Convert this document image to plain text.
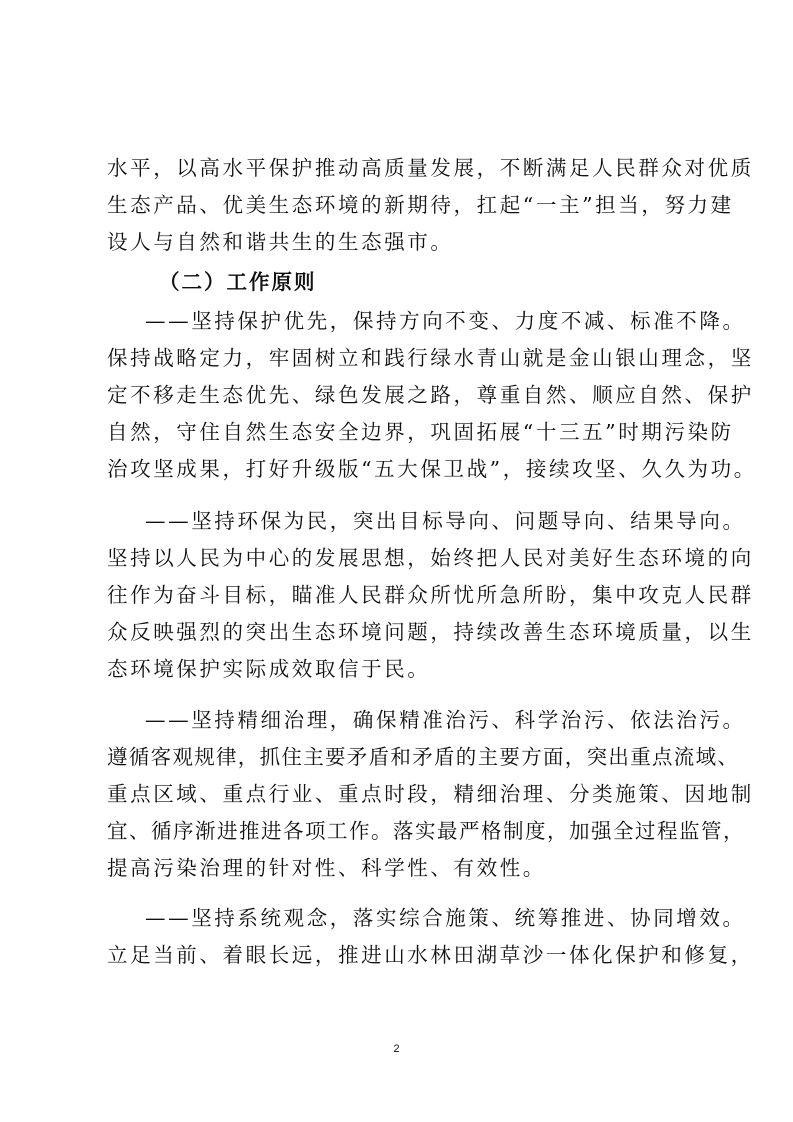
水平，以高水平保护推动高质量发展，不断满足人民群众对优质
生态产品、优美生态环境的新期待，扛起“一主”担当，努力建
设人与自然和谐共生的生态强市。
（二）工作原则
——坚持保护优先，保持方向不变、力度不减、标准不降。
保持战略定力，牢固树立和践行绿水青山就是金山银山理念，坚
定不移走生态优先、绿色发展之路，尊重自然、顺应自然、保护
自然，守住自然生态安全边界，巩固拓展“十三五”时期污染防
治攻坚成果，打好升级版“五大保卫战”，接续攻坚、久久为功。
——坚持环保为民，突出目标导向、问题导向、结果导向。
坚持以人民为中心的发展思想，始终把人民对美好生态环境的向
往作为奋斗目标，瞄准人民群众所忧所急所盼，集中攻克人民群
众反映强烈的突出生态环境问题，持续改善生态环境质量，以生
态环境保护实际成效取信于民。
——坚持精细治理，确保精准治污、科学治污、依法治污。
遵循客观规律，抓住主要矛盾和矛盾的主要方面，突出重点流域、
重点区域、重点行业、重点时段，精细治理、分类施策、因地制
宜、循序渐进推进各项工作。落实最严格制度，加强全过程监管，
提高污染治理的针对性、科学性、有效性。
——坚持系统观念，落实综合施策、统筹推进、协同增效。
立足当前、着眼长远，推进山水林田湖草沙一体化保护和修复，
2
